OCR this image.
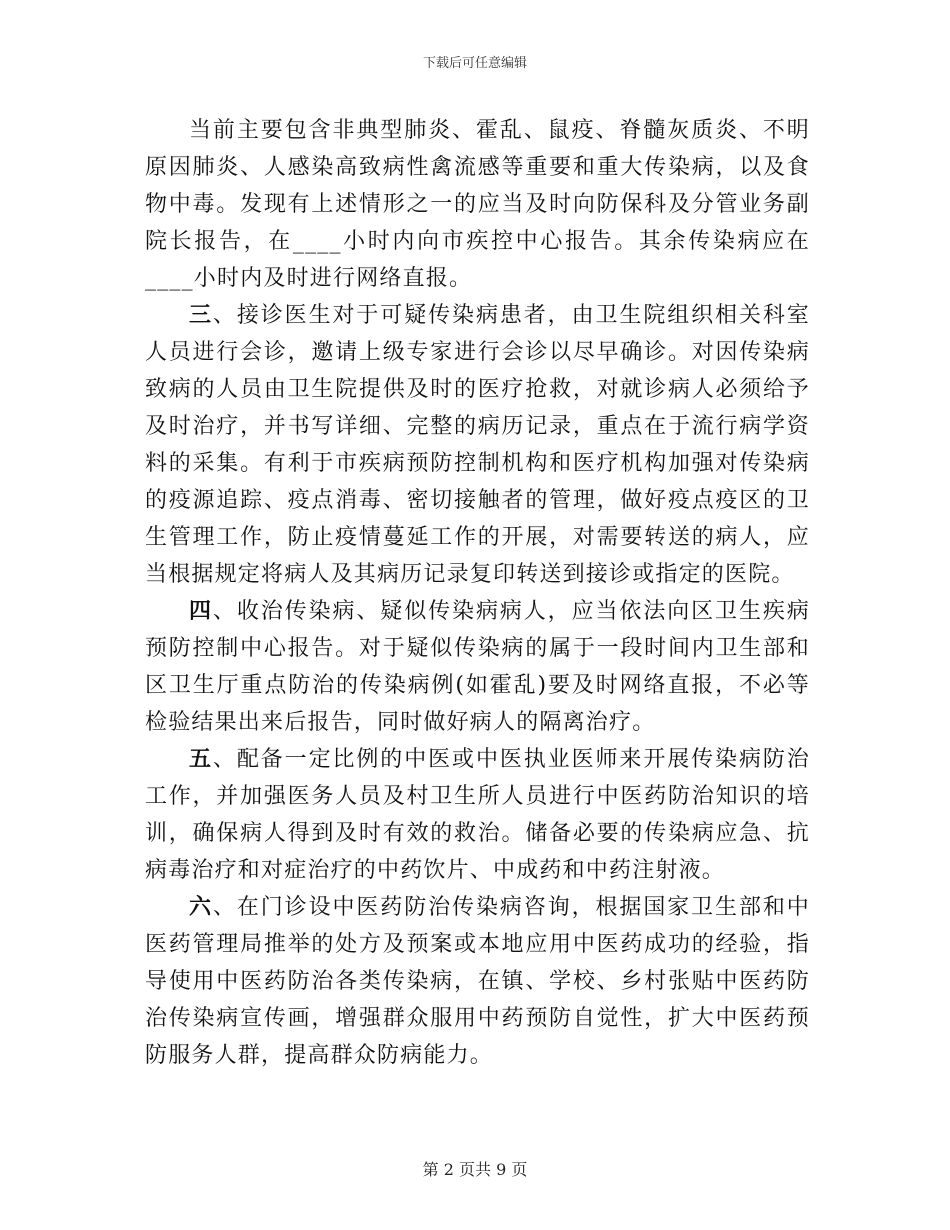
下载后可任意编辑

当前主要包含非典型肺炎、霍乱、鼠疫、脊髓灰质炎、不明原因肺炎、人感染高致病性禽流感等重要和重大传染病，以及食物中毒。发现有上述情形之一的应当及时向防保科及分管业务副院长报告，在____小时内向市疾控中心报告。其余传染病应在____小时内及时进行网络直报。

三、接诊医生对于可疑传染病患者，由卫生院组织相关科室人员进行会诊，邀请上级专家进行会诊以尽早确诊。对因传染病致病的人员由卫生院提供及时的医疗抢救，对就诊病人必须给予及时治疗，并书写详细、完整的病历记录，重点在于流行病学资料的采集。有利于市疾病预防控制机构和医疗机构加强对传染病的疫源追踪、疫点消毒、密切接触者的管理，做好疫点疫区的卫生管理工作，防止疫情蔓延工作的开展，对需要转送的病人，应当根据规定将病人及其病历记录复印转送到接诊或指定的医院。

四、收治传染病、疑似传染病病人，应当依法向区卫生疾病预防控制中心报告。对于疑似传染病的属于一段时间内卫生部和区卫生厅重点防治的传染病例(如霍乱)要及时网络直报，不必等检验结果出来后报告，同时做好病人的隔离治疗。

五、配备一定比例的中医或中医执业医师来开展传染病防治工作，并加强医务人员及村卫生所人员进行中医药防治知识的培训，确保病人得到及时有效的救治。储备必要的传染病应急、抗病毒治疗和对症治疗的中药饮片、中成药和中药注射液。

六、在门诊设中医药防治传染病咨询，根据国家卫生部和中医药管理局推举的处方及预案或本地应用中医药成功的经验，指导使用中医药防治各类传染病，在镇、学校、乡村张贴中医药防治传染病宣传画，增强群众服用中药预防自觉性，扩大中医药预防服务人群，提高群众防病能力。

第 2 页共 9 页
